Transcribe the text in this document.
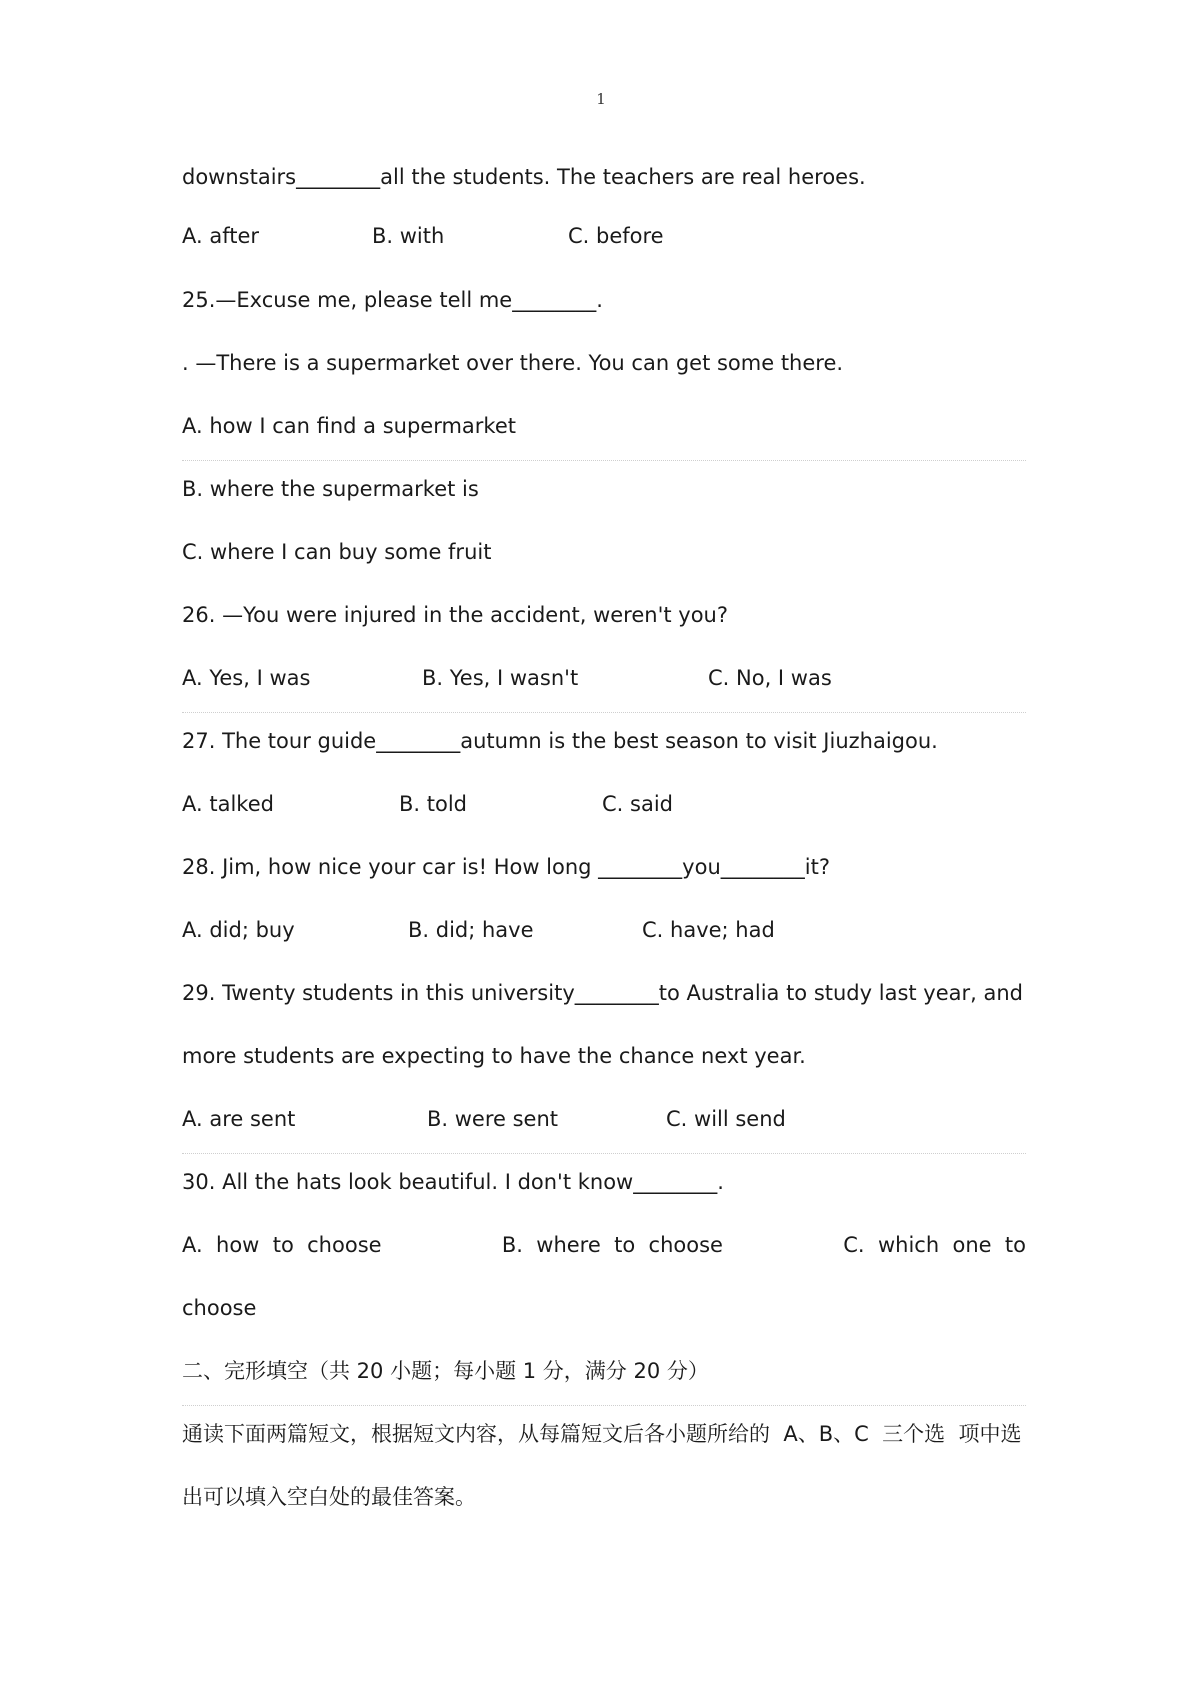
1

downstairs________all the students. The teachers are real heroes.

A. after	B. with	C. before

25.—Excuse me, please tell me________.

. —There is a supermarket over there. You can get some there.

A. how I can find a supermarket

B. where the supermarket is

C. where I can buy some fruit

26. —You were injured in the accident, weren't you?

A. Yes, I was	B. Yes, I wasn't	C. No, I was

27. The tour guide________autumn is the best season to visit Jiuzhaigou.

A. talked	B. told	C. said

28. Jim, how nice your car is! How long ________you________it?

A. did; buy	B. did; have	C. have; had

29. Twenty students in this university________to Australia to study last year, and

more students are expecting to have the chance next year.

A. are sent	B. were sent	C. will send

30. All the hats look beautiful. I don't know________.

A.  how  to  choose	B.  where  to  choose	C.  which  one  to

choose

二、完形填空（共 20 小题；每小题 1 分，满分 20 分）

通读下面两篇短文，根据短文内容，从每篇短文后各小题所给的  A、B、C  三个选  项中选

出可以填入空白处的最佳答案。
